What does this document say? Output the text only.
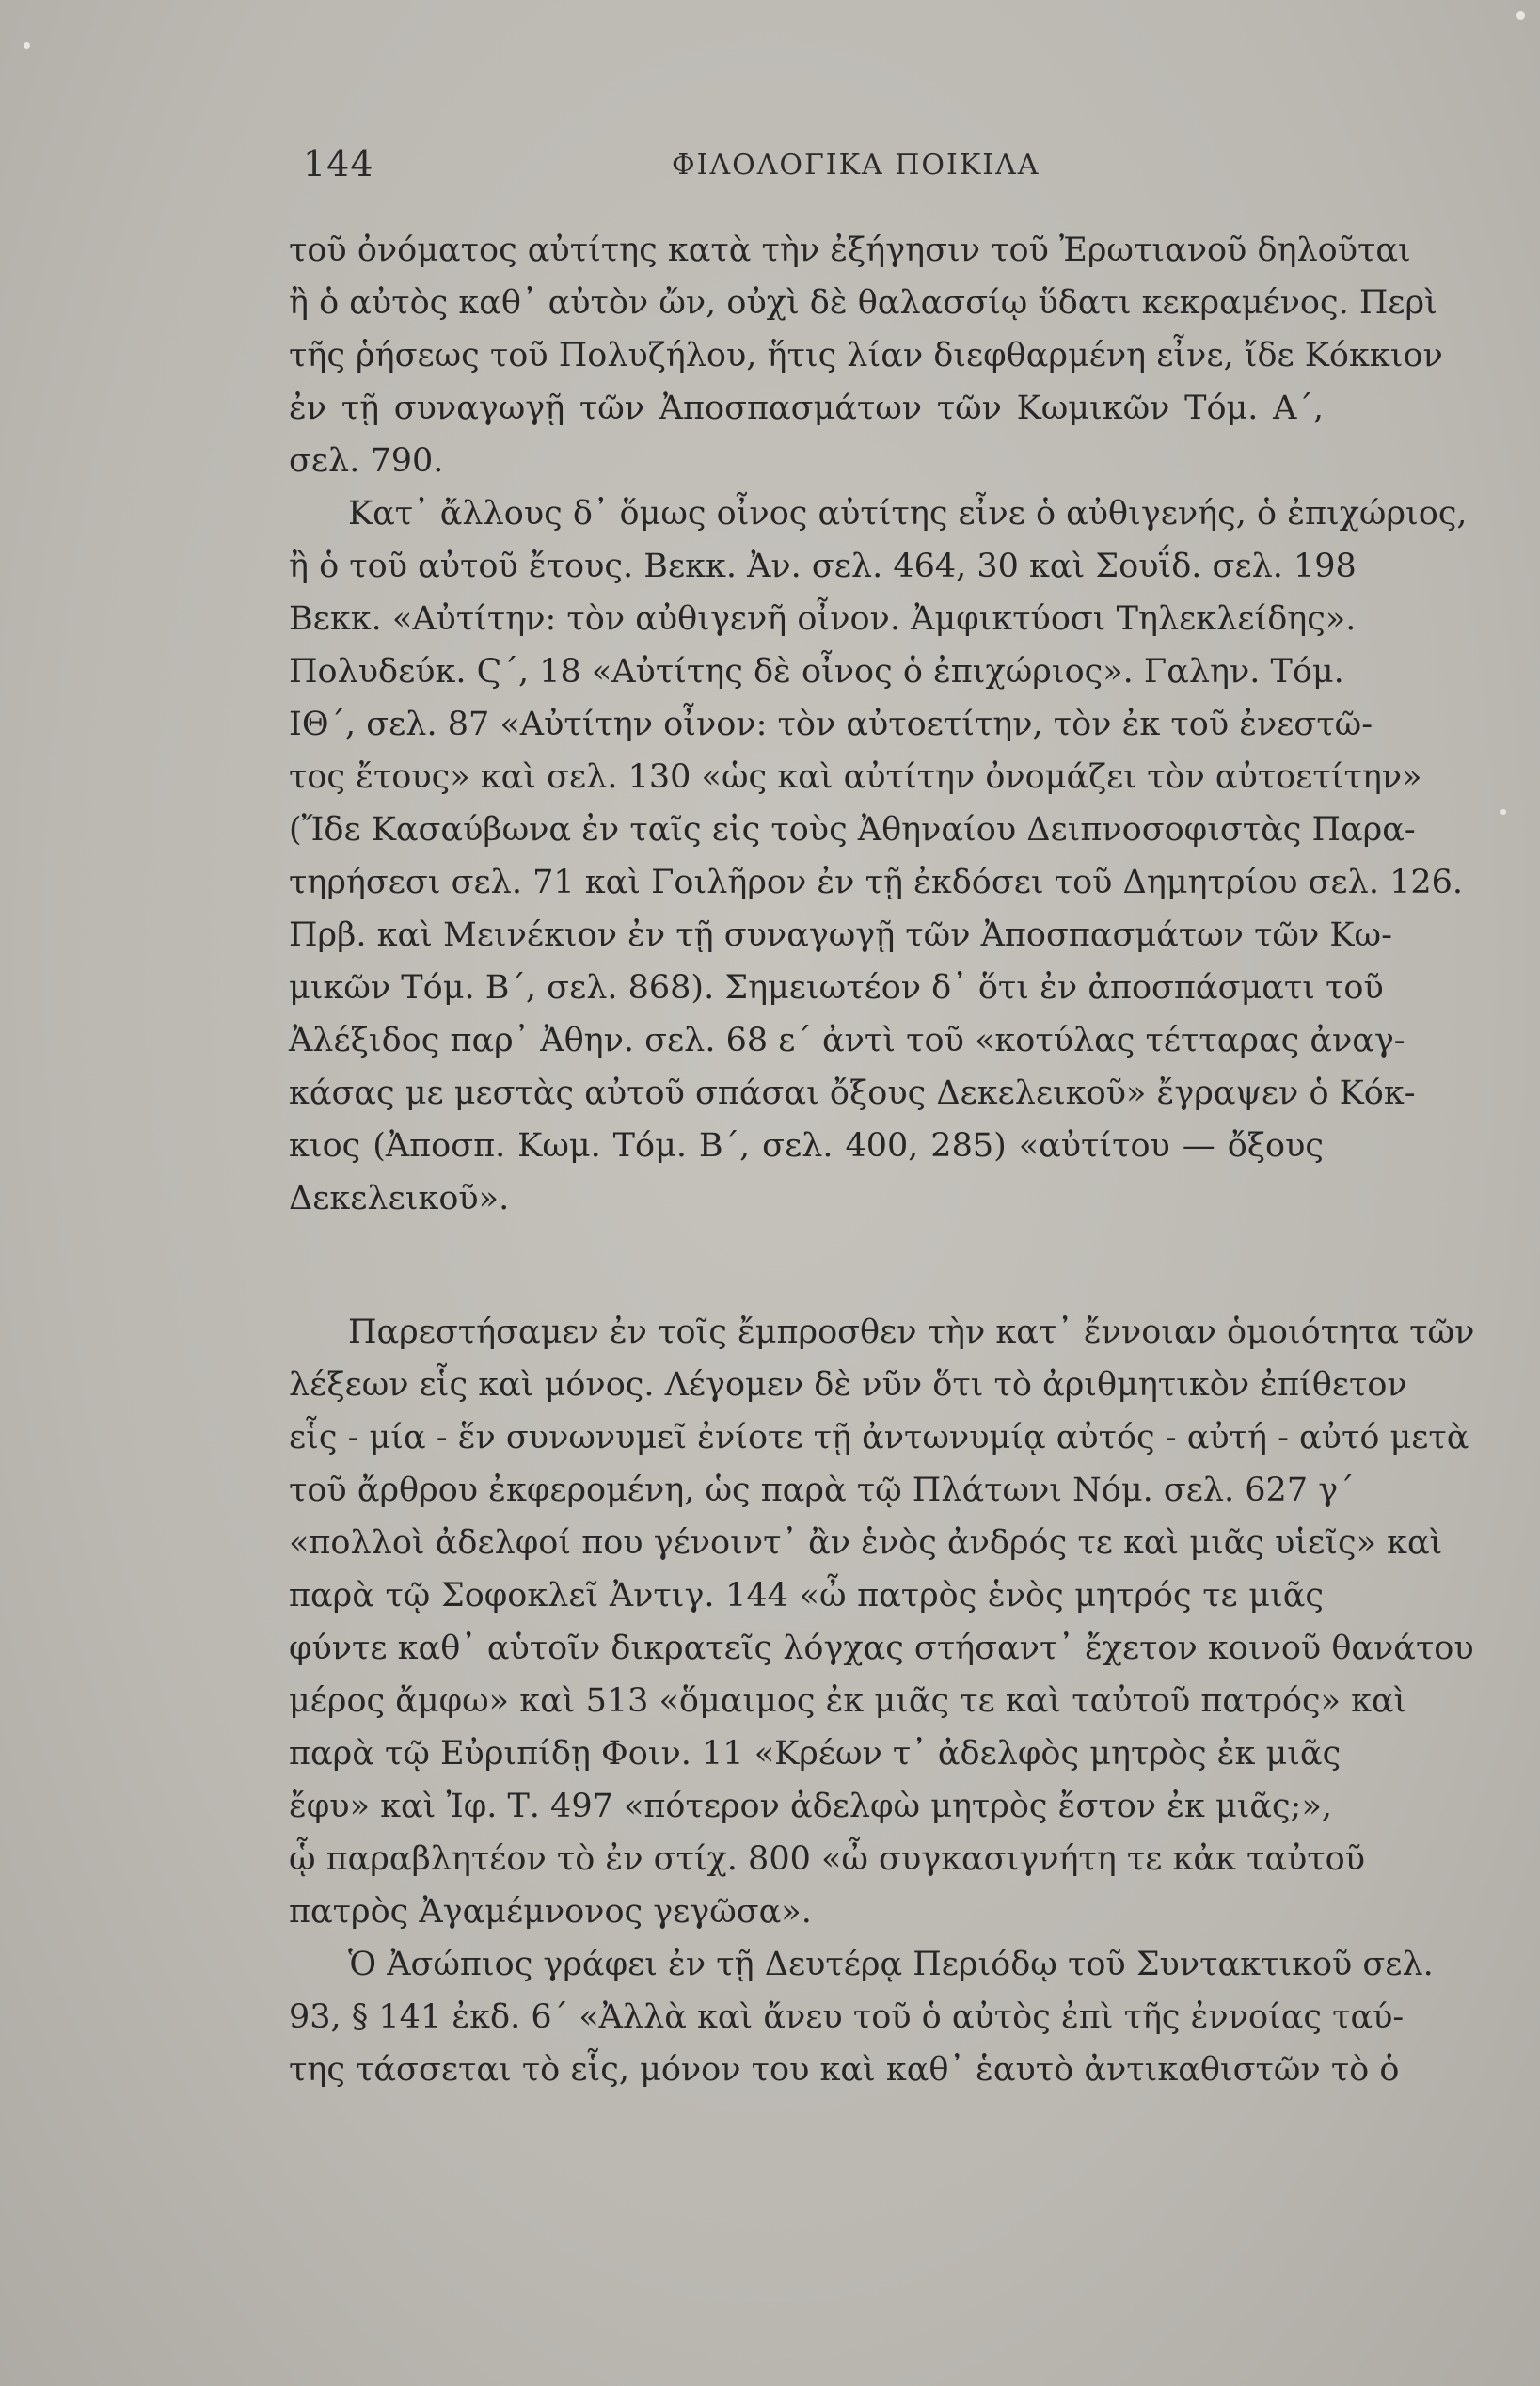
144	ΦΙΛΟΛΟΓΙΚΑ ΠΟΙΚΙΛΑ
τοῦ ὀνόματος αὐτίτης κατὰ τὴν ἐξήγησιν τοῦ Ἐρωτιανοῦ δηλοῦται
ἢ ὁ αὐτὸς καθ᾽ αὐτὸν ὤν, οὐχὶ δὲ θαλασσίῳ ὕδατι κεκραμένος. Περὶ
τῆς ῥήσεως τοῦ Πολυζήλου, ἥτις λίαν διεφθαρμένη εἶνε, ἴδε Κόκκιον
ἐν τῇ συναγωγῇ τῶν Ἀποσπασμάτων τῶν Κωμικῶν Τόμ. Α΄,
σελ. 790.
Κατ᾽ ἄλλους δ᾽ ὅμως οἶνος αὐτίτης εἶνε ὁ αὐθιγενής, ὁ ἐπιχώριος,
ἢ ὁ τοῦ αὐτοῦ ἔτους. Βεκκ. Ἀν. σελ. 464, 30 καὶ Σουΐδ. σελ. 198
Βεκκ. «Αὐτίτην: τὸν αὐθιγενῆ οἶνον. Ἀμφικτύοσι Τηλεκλείδης».
Πολυδεύκ. Ϛ΄, 18 «Αὐτίτης δὲ οἶνος ὁ ἐπιχώριος». Γαλην. Τόμ.
ΙΘ΄, σελ. 87 «Αὐτίτην οἶνον: τὸν αὐτοετίτην, τὸν ἐκ τοῦ ἐνεστῶ-
τος ἔτους» καὶ σελ. 130 «ὡς καὶ αὐτίτην ὀνομάζει τὸν αὐτοετίτην»
(Ἴδε Κασαύβωνα ἐν ταῖς εἰς τοὺς Ἀθηναίου Δειπνοσοφιστὰς Παρα-
τηρήσεσι σελ. 71 καὶ Γοιλῆρον ἐν τῇ ἐκδόσει τοῦ Δημητρίου σελ. 126.
Πρβ. καὶ Μεινέκιον ἐν τῇ συναγωγῇ τῶν Ἀποσπασμάτων τῶν Κω-
μικῶν Τόμ. Β΄, σελ. 868). Σημειωτέον δ᾽ ὅτι ἐν ἀποσπάσματι τοῦ
Ἀλέξιδος παρ᾽ Ἀθην. σελ. 68 ε΄ ἀντὶ τοῦ «κοτύλας τέτταρας ἀναγ-
κάσας με μεστὰς αὐτοῦ σπάσαι ὄξους Δεκελεικοῦ» ἔγραψεν ὁ Κόκ-
κιος (Ἀποσπ. Κωμ. Τόμ. Β΄, σελ. 400, 285) «αὐτίτου — ὄξους
Δεκελεικοῦ».
Παρεστήσαμεν ἐν τοῖς ἔμπροσθεν τὴν κατ᾽ ἔννοιαν ὁμοιότητα τῶν
λέξεων εἷς καὶ μόνος. Λέγομεν δὲ νῦν ὅτι τὸ ἀριθμητικὸν ἐπίθετον
εἷς - μία - ἕν συνωνυμεῖ ἐνίοτε τῇ ἀντωνυμίᾳ αὐτός - αὐτή - αὐτό μετὰ
τοῦ ἄρθρου ἐκφερομένη, ὡς παρὰ τῷ Πλάτωνι Νόμ. σελ. 627 γ΄
«πολλοὶ ἀδελφοί που γένοιντ᾽ ἂν ἑνὸς ἀνδρός τε καὶ μιᾶς υἱεῖς» καὶ
παρὰ τῷ Σοφοκλεῖ Ἀντιγ. 144 «ὦ πατρὸς ἑνὸς μητρός τε μιᾶς
φύντε καθ᾽ αὑτοῖν δικρατεῖς λόγχας στήσαντ᾽ ἔχετον κοινοῦ θανάτου
μέρος ἄμφω» καὶ 513 «ὅμαιμος ἐκ μιᾶς τε καὶ ταὐτοῦ πατρός» καὶ
παρὰ τῷ Εὐριπίδῃ Φοιν. 11 «Κρέων τ᾽ ἀδελφὸς μητρὸς ἐκ μιᾶς
ἔφυ» καὶ Ἰφ. Τ. 497 «πότερον ἀδελφὼ μητρὸς ἔστον ἐκ μιᾶς;»,
ᾧ παραβλητέον τὸ ἐν στίχ. 800 «ὦ συγκασιγνήτη τε κἀκ ταὐτοῦ
πατρὸς Ἀγαμέμνονος γεγῶσα».
Ὁ Ἀσώπιος γράφει ἐν τῇ Δευτέρᾳ Περιόδῳ τοῦ Συντακτικοῦ σελ.
93, § 141 ἐκδ. 6΄ «Ἀλλὰ καὶ ἄνευ τοῦ ὁ αὐτὸς ἐπὶ τῆς ἐννοίας ταύ-
της τάσσεται τὸ εἷς, μόνον του καὶ καθ᾽ ἑαυτὸ ἀντικαθιστῶν τὸ ὁ
